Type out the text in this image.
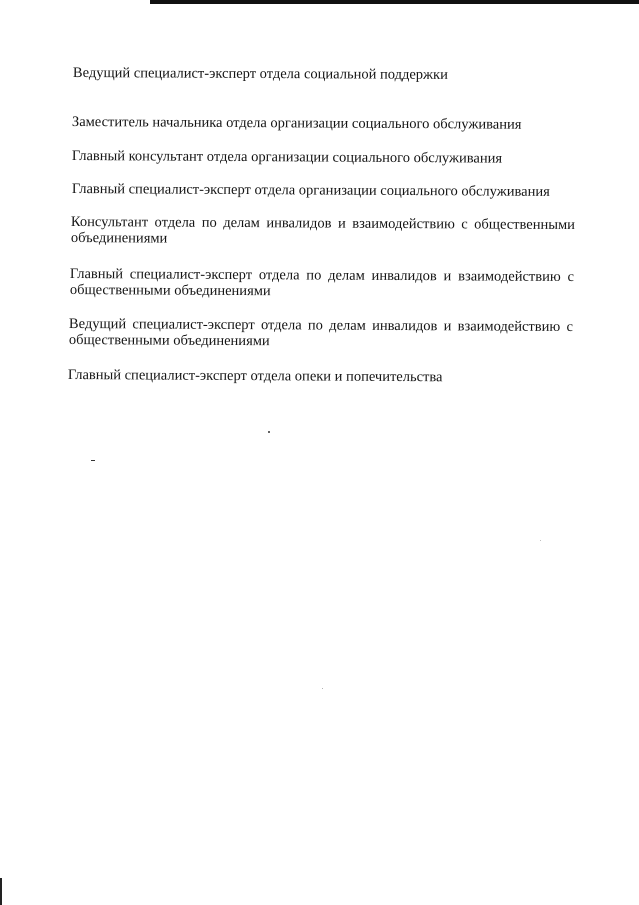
Ведущий специалист-эксперт отдела социальной поддержки
Заместитель начальника отдела организации социального обслуживания
Главный консультант отдела организации социального обслуживания
Главный специалист-эксперт отдела организации социального обслуживания
Консультант отдела по делам инвалидов и взаимодействию с общественными объединениями
Главный специалист-эксперт отдела по делам инвалидов и взаимодействию с общественными объединениями
Ведущий специалист-эксперт отдела по делам инвалидов и взаимодействию с общественными объединениями
Главный специалист-эксперт отдела опеки и попечительства
